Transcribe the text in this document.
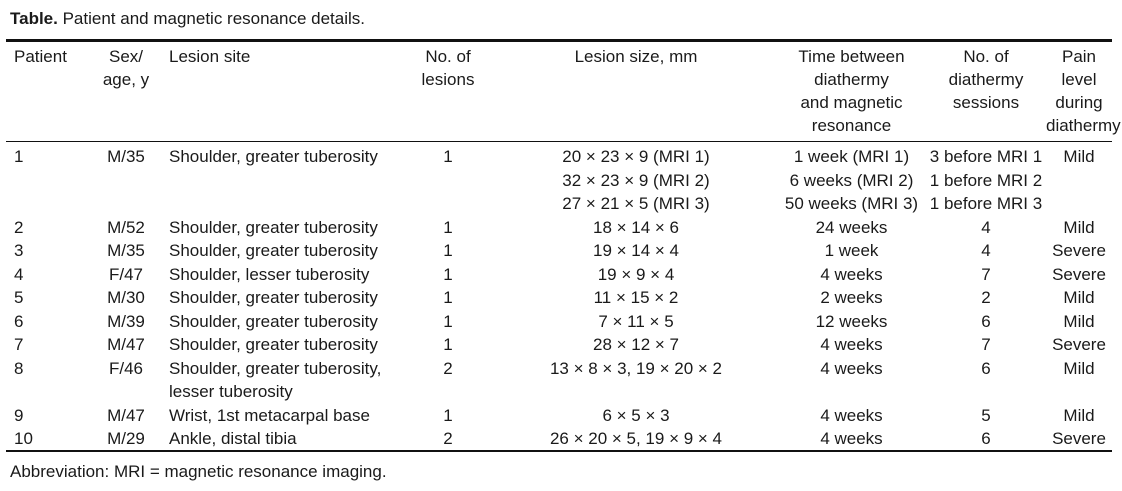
Table. Patient and magnetic resonance details.
Patient	Sex/
age, y	Lesion site	No. of
lesions	Lesion size, mm	Time between
diathermy
and magnetic
resonance	No. of
diathermy
sessions	Pain level
during
diathermy
1	M/35	Shoulder, greater tuberosity	1	20 × 23 × 9 (MRI 1)
32 × 23 × 9 (MRI 2)
27 × 21 × 5 (MRI 3)	1 week (MRI 1)
6 weeks (MRI 2)
50 weeks (MRI 3)	3 before MRI 1
1 before MRI 2
1 before MRI 3	Mild
2	M/52	Shoulder, greater tuberosity	1	18 × 14 × 6	24 weeks	4	Mild
3	M/35	Shoulder, greater tuberosity	1	19 × 14 × 4	1 week	4	Severe
4	F/47	Shoulder, lesser tuberosity	1	19 × 9 × 4	4 weeks	7	Severe
5	M/30	Shoulder, greater tuberosity	1	11 × 15 × 2	2 weeks	2	Mild
6	M/39	Shoulder, greater tuberosity	1	7 × 11 × 5	12 weeks	6	Mild
7	M/47	Shoulder, greater tuberosity	1	28 × 12 × 7	4 weeks	7	Severe
8	F/46	Shoulder, greater tuberosity,
lesser tuberosity	2	13 × 8 × 3, 19 × 20 × 2	4 weeks	6	Mild
9	M/47	Wrist, 1st metacarpal base	1	6 × 5 × 3	4 weeks	5	Mild
10	M/29	Ankle, distal tibia	2	26 × 20 × 5, 19 × 9 × 4	4 weeks	6	Severe
Abbreviation: MRI = magnetic resonance imaging.
